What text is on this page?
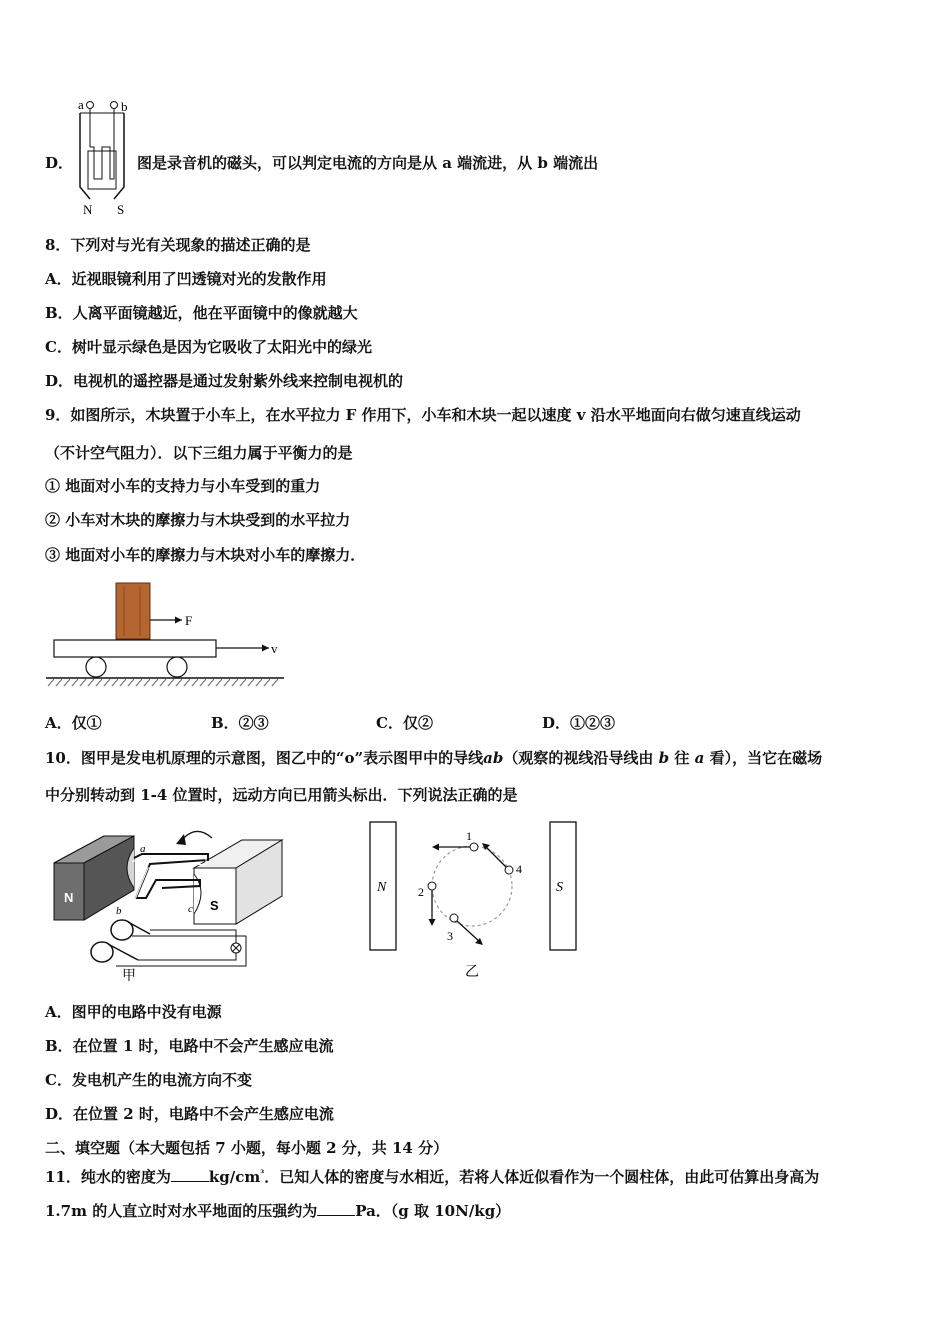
D．
a	b
N S
图是录音机的磁头，可以判定电流的方向是从 a 端流进，从 b 端流出
8．下列对与光有关现象的描述正确的是
A．近视眼镜利用了凹透镜对光的发散作用
B．人离平面镜越近，他在平面镜中的像就越大
C．树叶显示绿色是因为它吸收了太阳光中的绿光
D．电视机的遥控器是通过发射紫外线来控制电视机的
9．如图所示，木块置于小车上，在水平拉力 F 作用下，小车和木块一起以速度 v 沿水平地面向右做匀速直线运动
（不计空气阻力）．以下三组力属于平衡力的是
① 地面对小车的支持力与小车受到的重力
② 小车对木块的摩擦力与木块受到的水平拉力
③ 地面对小车的摩擦力与木块对小车的摩擦力．
F
v
A．仅①	B．②③	C．仅②	D．①②③
10．图甲是发电机原理的示意图，图乙中的“o”表示图甲中的导线ab（观察的视线沿导线由 b 往 a 看），当它在磁场
中分别转动到 1-4 位置时，远动方向已用箭头标出．下列说法正确的是
N
S
a
b	c
甲
N	S
1
2
3
4
乙
A．图甲的电路中没有电源
B．在位置 1 时，电路中不会产生感应电流
C．发电机产生的电流方向不变
D．在位置 2 时，电路中不会产生感应电流
二、填空题（本大题包括 7 小题，每小题 2 分，共 14 分）
11．纯水的密度为	$kg/cm^{^3}$．已知人体的密度与水相近，若将人体近似看作为一个圆柱体，由此可估算出身高为
1.7m 的人直立时对水平地面的压强约为	Pa．（g 取 10N/kg）
